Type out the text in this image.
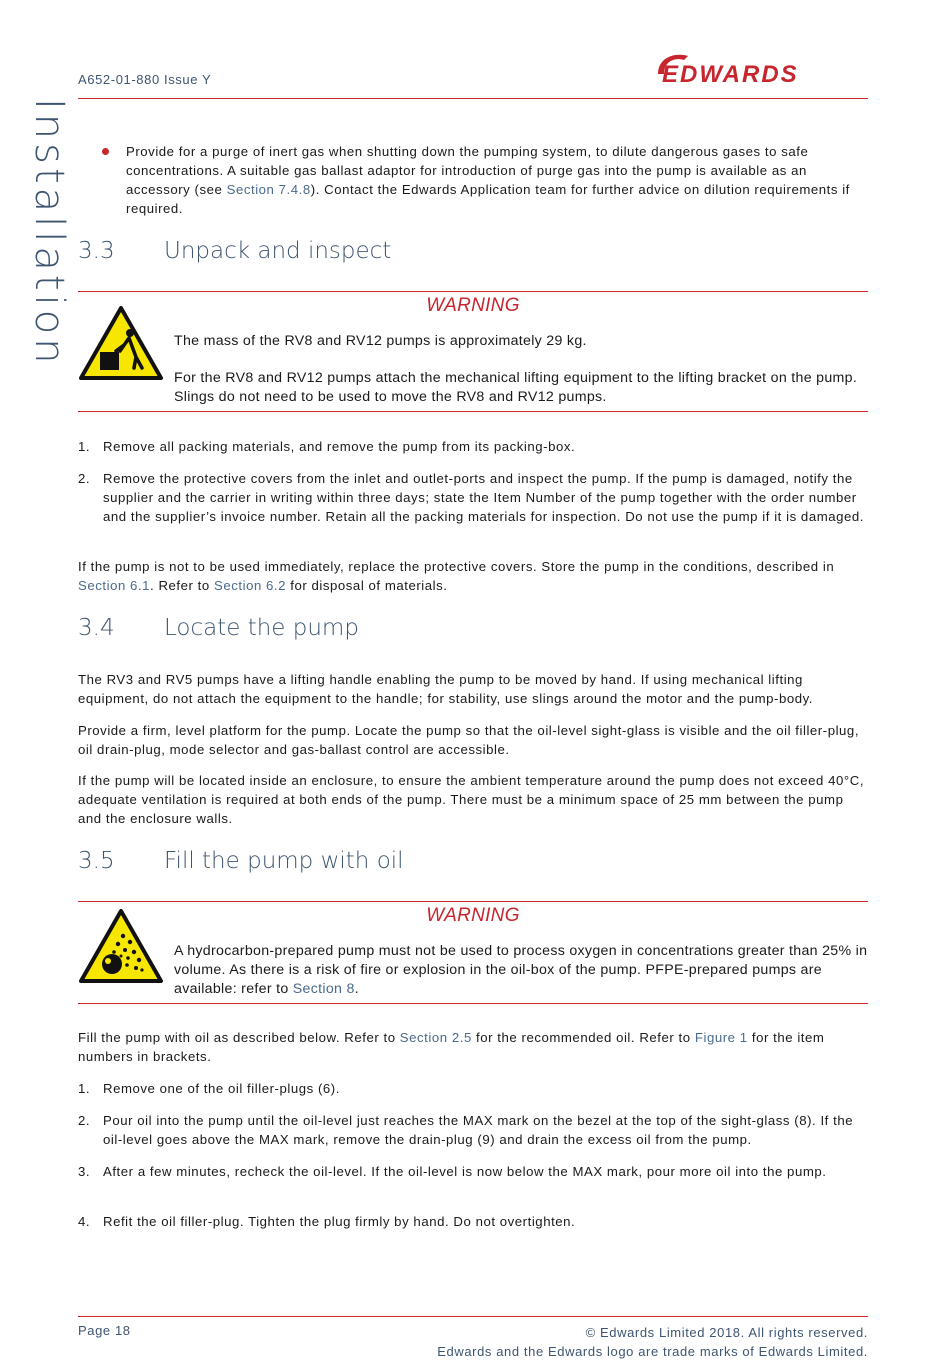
Installation
A652-01-880 Issue Y	EDWARDS
Provide for a purge of inert gas when shutting down the pumping system, to dilute dangerous gases to safe concentrations. A suitable gas ballast adaptor for introduction of purge gas into the pump is available as an accessory (see Section 7.4.8). Contact the Edwards Application team for further advice on dilution requirements if required.
3.3 Unpack and inspect
WARNING

The mass of the RV8 and RV12 pumps is approximately 29 kg.

For the RV8 and RV12 pumps attach the mechanical lifting equipment to the lifting bracket on the pump. Slings do not need to be used to move the RV8 and RV12 pumps.

1. Remove all packing materials, and remove the pump from its packing-box.
2. Remove the protective covers from the inlet and outlet-ports and inspect the pump. If the pump is damaged, notify the supplier and the carrier in writing within three days; state the Item Number of the pump together with the order number and the supplier’s invoice number. Retain all the packing materials for inspection. Do not use the pump if it is damaged.

If the pump is not to be used immediately, replace the protective covers. Store the pump in the conditions, described in Section 6.1. Refer to Section 6.2 for disposal of materials.

3.4 Locate the pump

The RV3 and RV5 pumps have a lifting handle enabling the pump to be moved by hand. If using mechanical lifting equipment, do not attach the equipment to the handle; for stability, use slings around the motor and the pump-body.

Provide a firm, level platform for the pump. Locate the pump so that the oil-level sight-glass is visible and the oil filler-plug, oil drain-plug, mode selector and gas-ballast control are accessible.

If the pump will be located inside an enclosure, to ensure the ambient temperature around the pump does not exceed 40°C, adequate ventilation is required at both ends of the pump. There must be a minimum space of 25 mm between the pump and the enclosure walls.

3.5 Fill the pump with oil
WARNING

A hydrocarbon-prepared pump must not be used to process oxygen in concentrations greater than 25% in volume. As there is a risk of fire or explosion in the oil-box of the pump. PFPE-prepared pumps are available: refer to Section 8.

Fill the pump with oil as described below. Refer to Section 2.5 for the recommended oil. Refer to Figure 1 for the item numbers in brackets.

1. Remove one of the oil filler-plugs (6).
2. Pour oil into the pump until the oil-level just reaches the MAX mark on the bezel at the top of the sight-glass (8). If the oil-level goes above the MAX mark, remove the drain-plug (9) and drain the excess oil from the pump.
3. After a few minutes, recheck the oil-level. If the oil-level is now below the MAX mark, pour more oil into the pump.
4. Refit the oil filler-plug. Tighten the plug firmly by hand. Do not overtighten.
Page 18	© Edwards Limited 2018. All rights reserved.
Edwards and the Edwards logo are trade marks of Edwards Limited.
